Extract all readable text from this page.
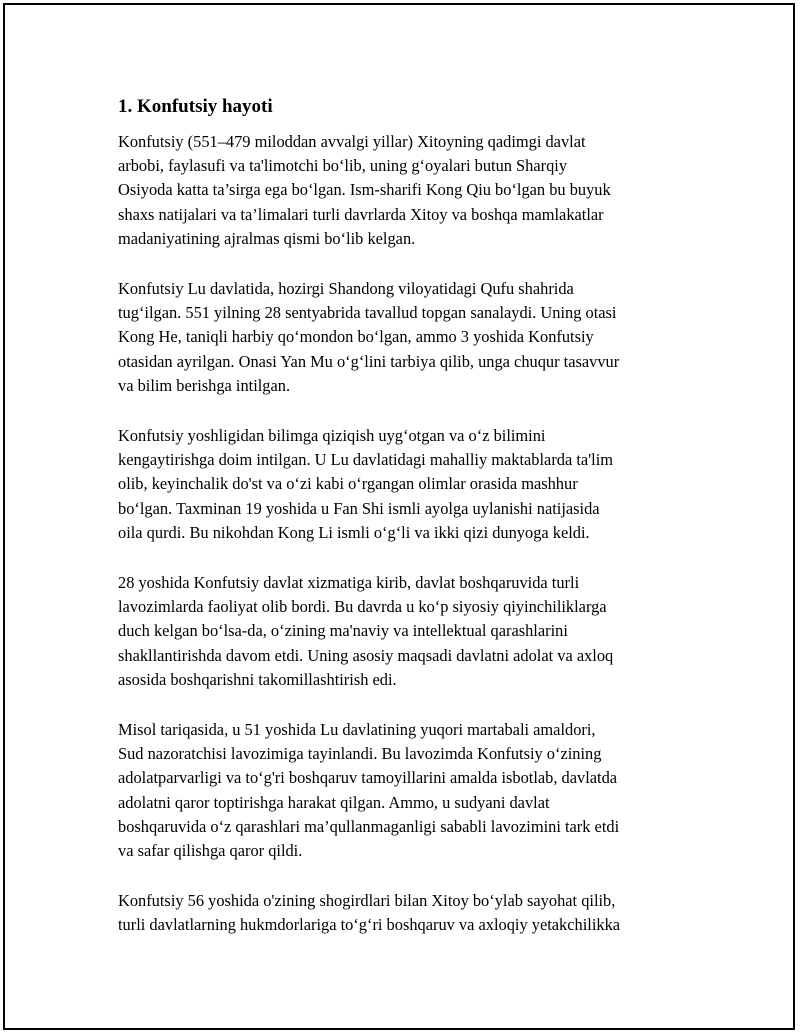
1. Konfutsiy hayoti

Konfutsiy (551–479 miloddan avvalgi yillar) Xitoyning qadimgi davlat
arbobi, faylasufi va ta'limotchi bo‘lib, uning g‘oyalari butun Sharqiy
Osiyoda katta ta’sirga ega bo‘lgan. Ism-sharifi Kong Qiu bo‘lgan bu buyuk
shaxs natijalari va ta’limalari turli davrlarda Xitoy va boshqa mamlakatlar
madaniyatining ajralmas qismi bo‘lib kelgan.

Konfutsiy Lu davlatida, hozirgi Shandong viloyatidagi Qufu shahrida
tug‘ilgan. 551 yilning 28 sentyabrida tavallud topgan sanalaydi. Uning otasi
Kong He, taniqli harbiy qo‘mondon bo‘lgan, ammo 3 yoshida Konfutsiy
otasidan ayrilgan. Onasi Yan Mu o‘g‘lini tarbiya qilib, unga chuqur tasavvur
va bilim berishga intilgan.

Konfutsiy yoshligidan bilimga qiziqish uyg‘otgan va o‘z bilimini
kengaytirishga doim intilgan. U Lu davlatidagi mahalliy maktablarda ta'lim
olib, keyinchalik do'st va o‘zi kabi o‘rgangan olimlar orasida mashhur
bo‘lgan. Taxminan 19 yoshida u Fan Shi ismli ayolga uylanishi natijasida
oila qurdi. Bu nikohdan Kong Li ismli o‘g‘li va ikki qizi dunyoga keldi.

28 yoshida Konfutsiy davlat xizmatiga kirib, davlat boshqaruvida turli
lavozimlarda faoliyat olib bordi. Bu davrda u ko‘p siyosiy qiyinchiliklarga
duch kelgan bo‘lsa-da, o‘zining ma'naviy va intellektual qarashlarini
shakllantirishda davom etdi. Uning asosiy maqsadi davlatni adolat va axloq
asosida boshqarishni takomillashtirish edi.

Misol tariqasida, u 51 yoshida Lu davlatining yuqori martabali amaldori,
Sud nazoratchisi lavozimiga tayinlandi. Bu lavozimda Konfutsiy o‘zining
adolatparvarligi va to‘g'ri boshqaruv tamoyillarini amalda isbotlab, davlatda
adolatni qaror toptirishga harakat qilgan. Ammo, u sudyani davlat
boshqaruvida o‘z qarashlari ma’qullanmaganligi sababli lavozimini tark etdi
va safar qilishga qaror qildi.

Konfutsiy 56 yoshida o'zining shogirdlari bilan Xitoy bo‘ylab sayohat qilib,
turli davlatlarning hukmdorlariga to‘g‘ri boshqaruv va axloqiy yetakchilikka
